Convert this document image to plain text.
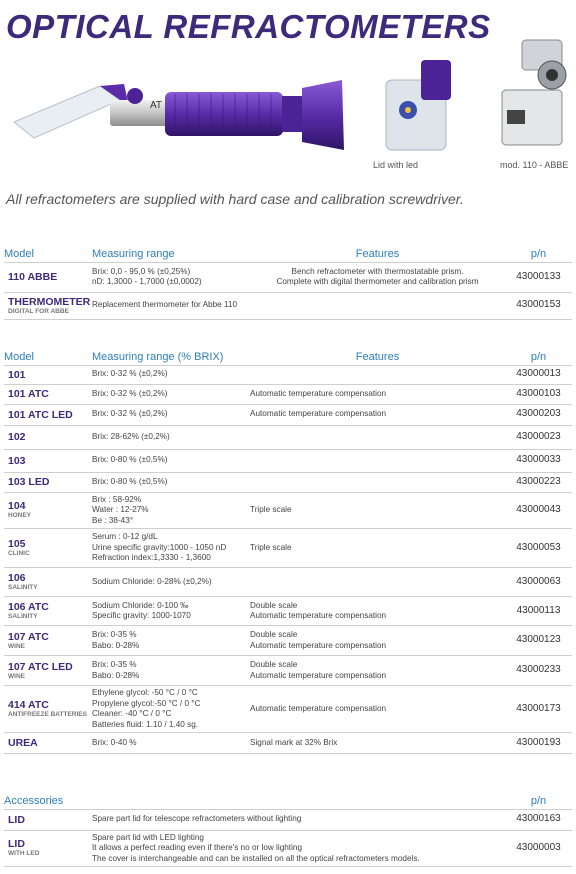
OPTICAL REFRACTOMETERS
AT
Lid with led	mod. 110 - ABBE
All refractometers are supplied with hard case and calibration screwdriver.
Model	Measuring range	Features	p/n

110 ABBE	Brix: 0,0 - 95,0 % (±0,25%)
nD: 1,3000 - 1,7000 (±0,0002)	Bench refractometer with thermostatable prism.
Complete with digital thermometer and calibration prism	43000133

THERMOMETER
DIGITAL FOR ABBE	Replacement thermometer for Abbe 110		43000153
Model	Measuring range (% BRIX)	Features	p/n

101	Brix: 0-32 % (±0,2%)		43000013

101 ATC	Brix: 0-32 % (±0,2%)	Automatic temperature compensation	43000103

101 ATC LED	Brix: 0-32 % (±0,2%)	Automatic temperature compensation	43000203

102	Brix: 28-62% (±0,2%)		43000023

103	Brix: 0-80 % (±0,5%)		43000033

103 LED	Brix: 0-80 % (±0,5%)		43000223

104
HONEY	Brix : 58-92%
Water : 12-27%
Be : 38-43°	Triple scale	43000043

105
CLINIC	Serum : 0-12 g/dL
Urine specific gravity:1000 - 1050 nD
Refraction index:1,3330 - 1,3600	Triple scale	43000053

106
SALINITY	Sodium Chloride: 0-28% (±0,2%)		43000063

106 ATC
SALINITY	Sodium Chloride: 0-100 ‰
Specific gravity: 1000-1070	Double scale
Automatic temperature compensation	43000113

107 ATC
WINE	Brix: 0-35 %
Babo: 0-28%	Double scale
Automatic temperature compensation	43000123

107 ATC LED
WINE	Brix: 0-35 %
Babo: 0-28%	Double scale
Automatic temperature compensation	43000233

414 ATC
ANTIFREEZE BATTERIES	Ethylene glycol: -50 °C / 0 °C
Propylene glycol:-50 °C / 0 °C
Cleaner: -40 °C / 0 °C
Batteries fluid: 1.10 / 1.40 sg.	Automatic temperature compensation	43000173

UREA	Brix: 0-40 %	Signal mark at 32% Brix	43000193
Accessories		p/n

LID	Spare part lid for telescope refractometers without lighting	43000163

LID
WITH LED	Spare part lid with LED lighting
It allows a perfect reading even if there's no or low lighting
The cover is interchangeable and can be installed on all the optical refractometers models.	43000003
